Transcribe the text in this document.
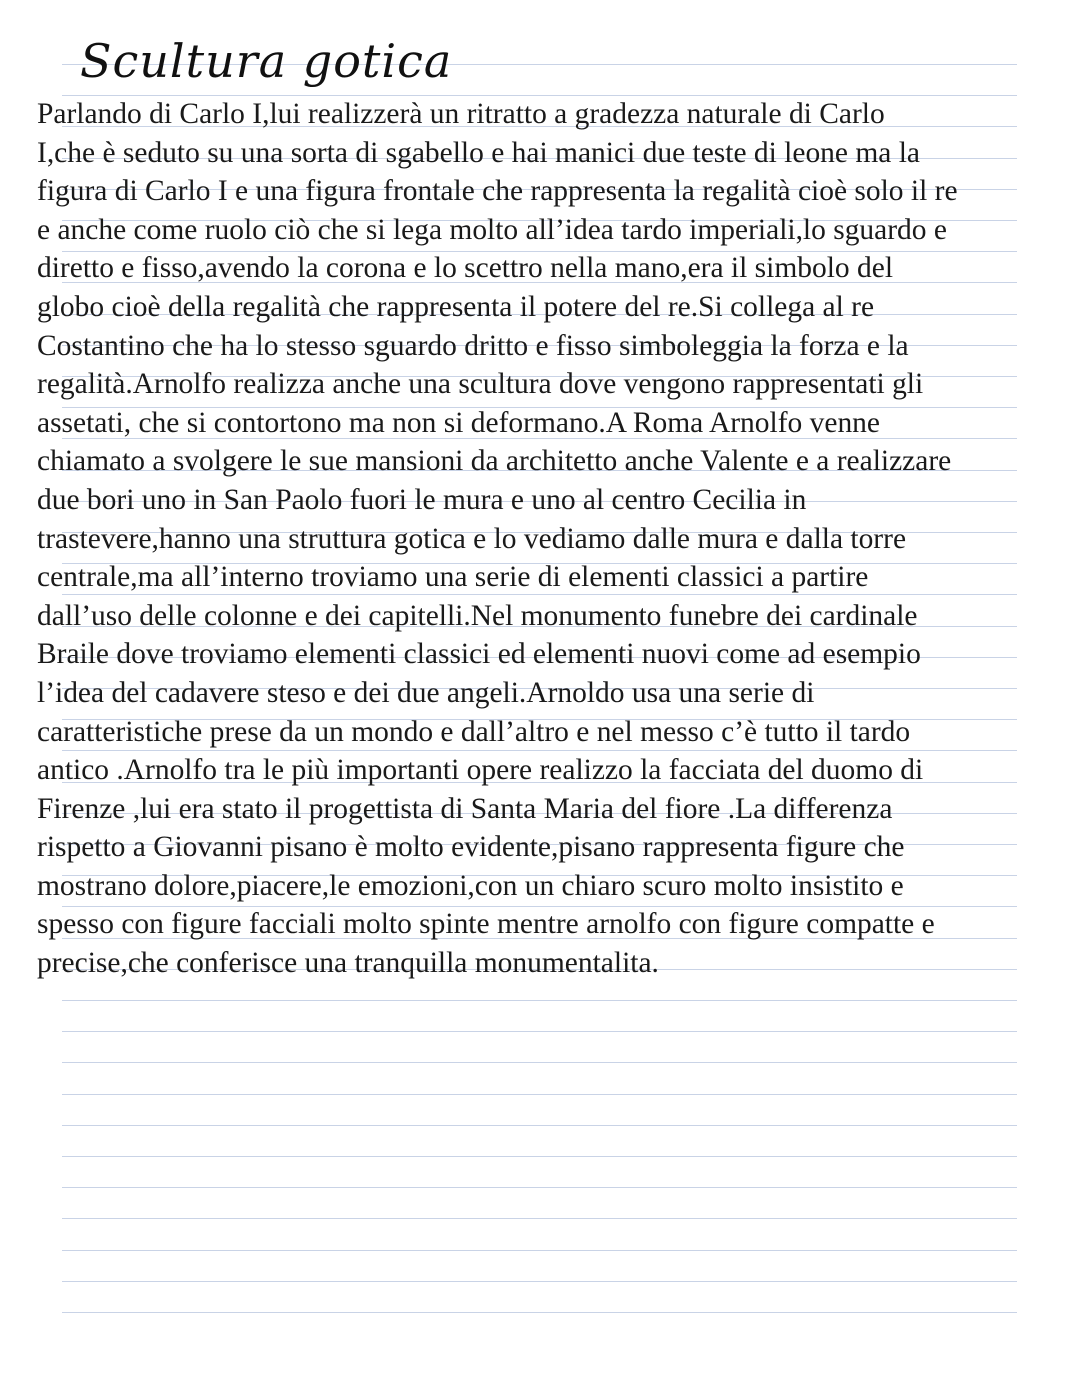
Scultura gotica
Parlando di Carlo I,lui realizzerà un ritratto a gradezza naturale di Carlo
I,che è seduto su una sorta di sgabello e hai manici due teste di leone ma la
figura di Carlo I e una figura frontale che rappresenta la regalità cioè solo il re
e anche come ruolo ciò che si lega molto all’idea tardo imperiali,lo sguardo e
diretto e fisso,avendo la corona e lo scettro nella mano,era il simbolo del
globo cioè della regalità che rappresenta il potere del re.Si collega al re
Costantino che ha lo stesso sguardo dritto e fisso simboleggia la forza e la
regalità.Arnolfo realizza anche una scultura dove vengono rappresentati gli
assetati, che si contortono ma non si deformano.A Roma Arnolfo venne
chiamato a svolgere le sue mansioni da architetto anche Valente e a realizzare
due bori uno in San Paolo fuori le mura e uno al centro Cecilia in
trastevere,hanno una struttura gotica e lo vediamo dalle mura e dalla torre
centrale,ma all’interno troviamo una serie di elementi classici a partire
dall’uso delle colonne e dei capitelli.Nel monumento funebre dei cardinale
Braile dove troviamo elementi classici ed elementi nuovi come ad esempio
l’idea del cadavere steso e dei due angeli.Arnoldo usa una serie di
caratteristiche prese da un mondo e dall’altro e nel messo c’è tutto il tardo
antico .Arnolfo tra le più importanti opere realizzo la facciata del duomo di
Firenze ,lui era stato il progettista di Santa Maria del fiore .La differenza
rispetto a Giovanni pisano è molto evidente,pisano rappresenta figure che
mostrano dolore,piacere,le emozioni,con un chiaro scuro molto insistito e
spesso con figure facciali molto spinte mentre arnolfo con figure compatte e
precise,che conferisce una tranquilla monumentalita.
